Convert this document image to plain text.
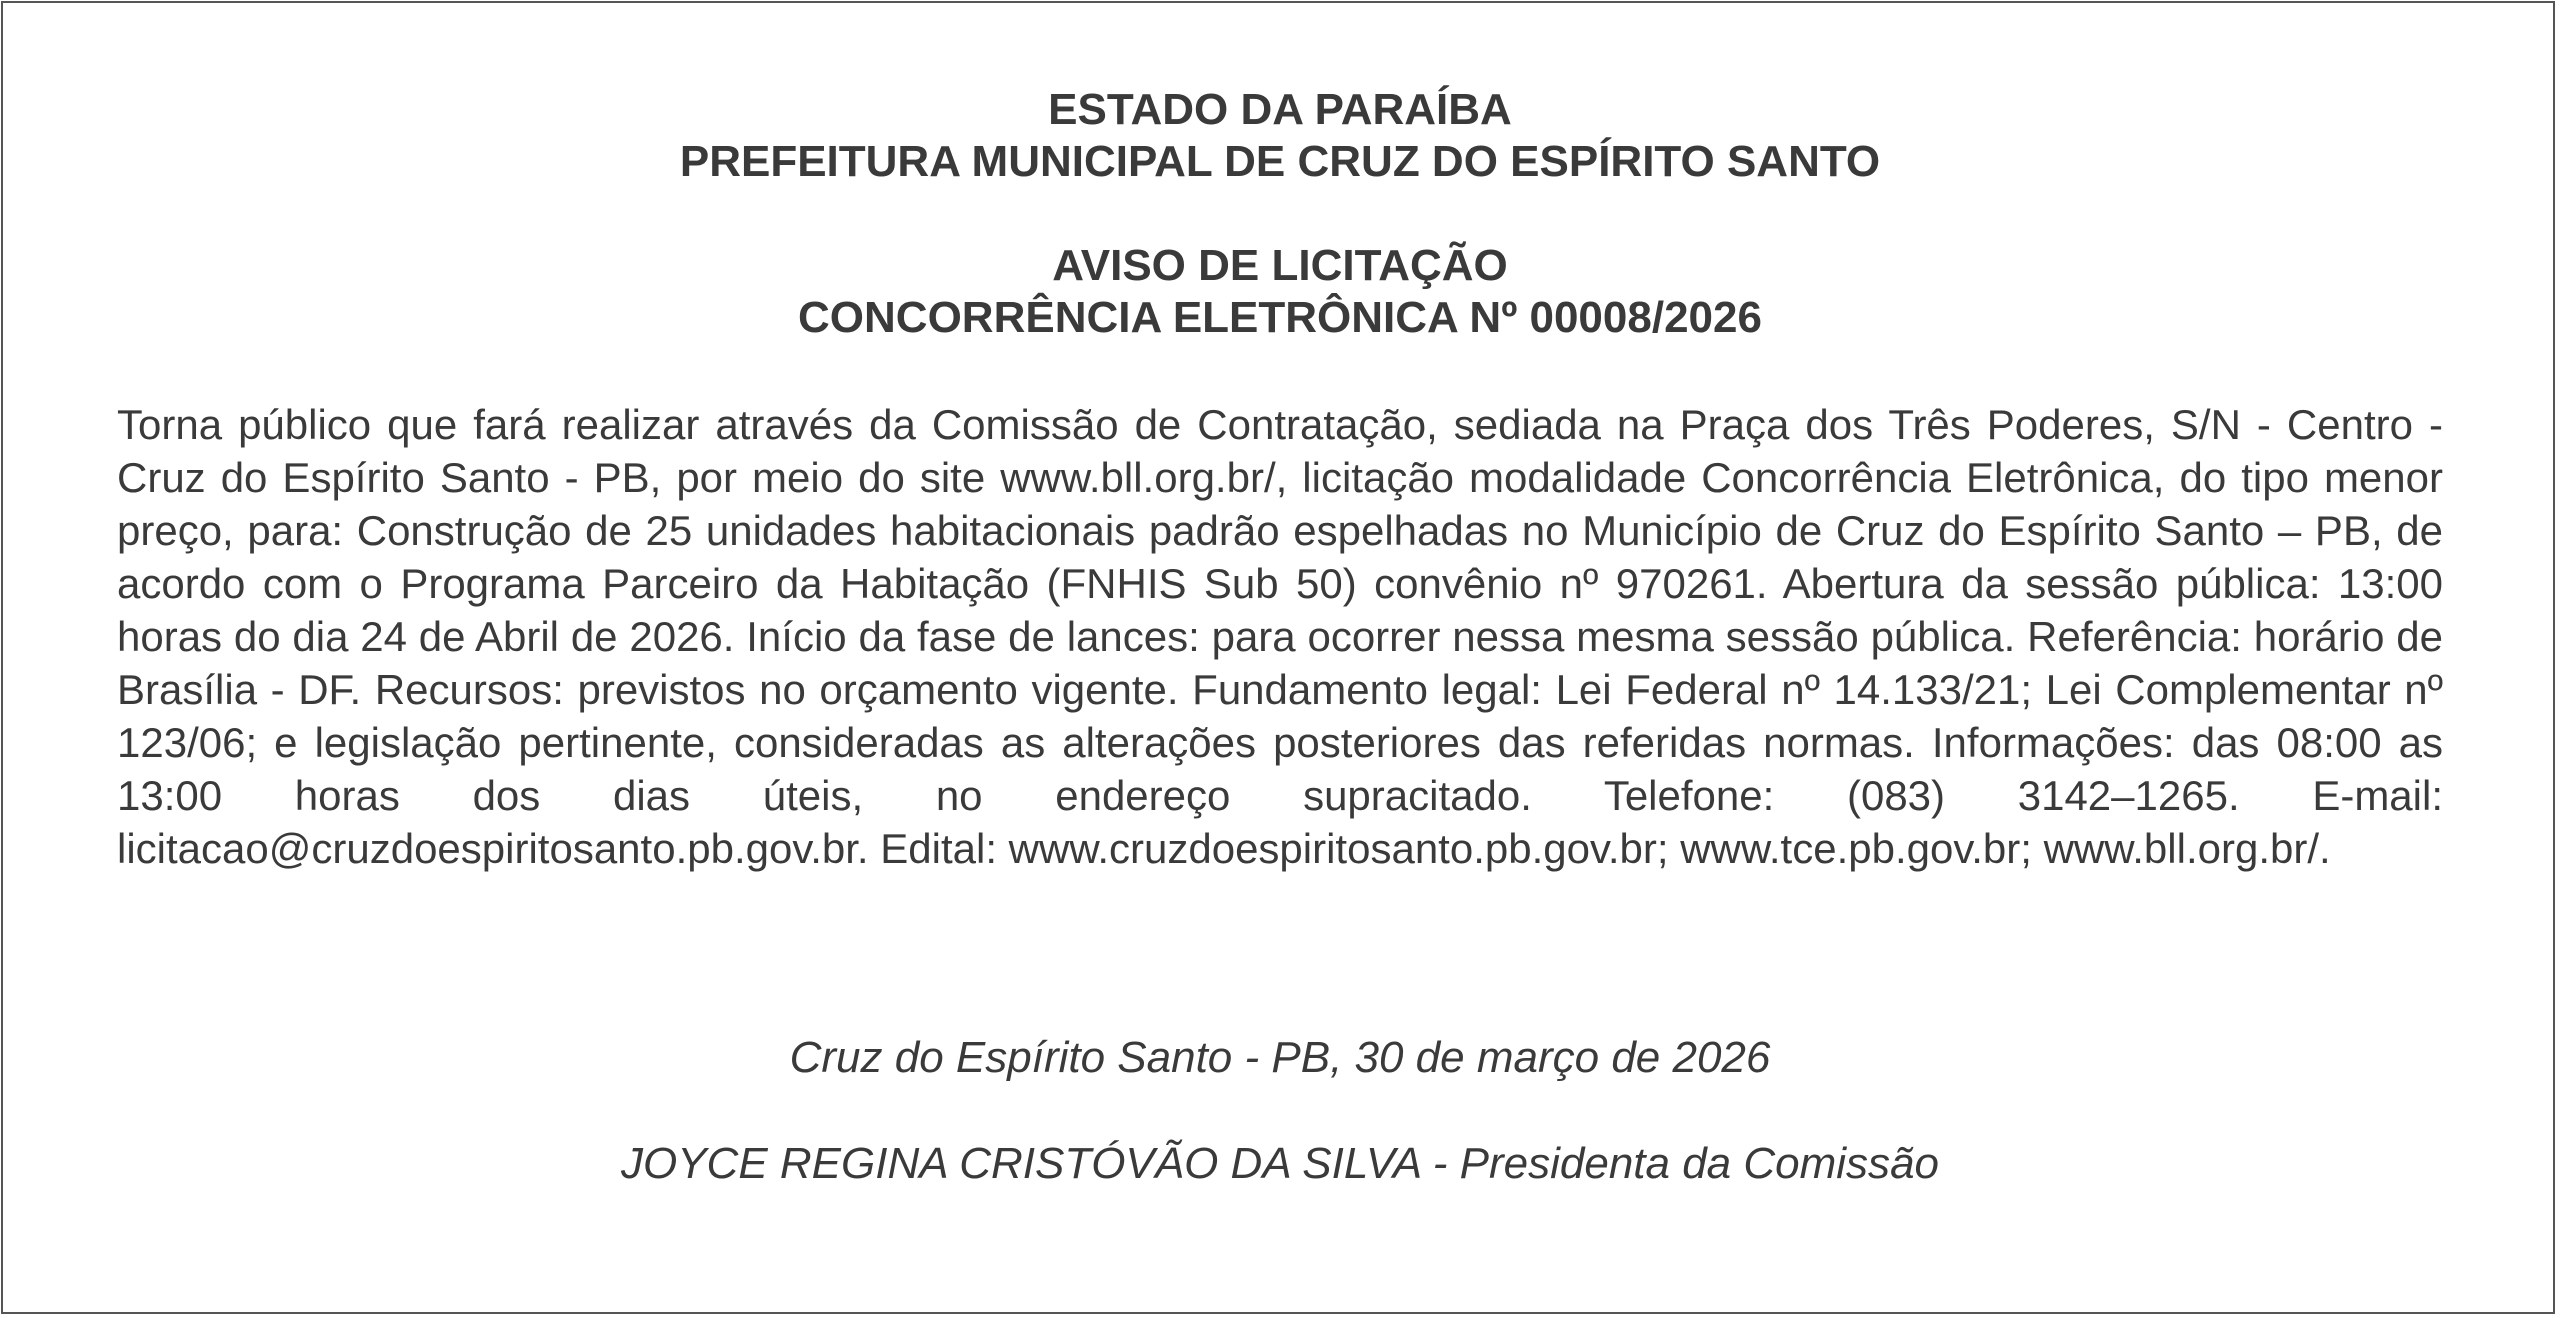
ESTADO DA PARAÍBA
PREFEITURA MUNICIPAL DE CRUZ DO ESPÍRITO SANTO
AVISO DE LICITAÇÃO
CONCORRÊNCIA ELETRÔNICA Nº 00008/2026
Torna público que fará realizar através da Comissão de Contratação, sediada na Praça dos Três Poderes, S/N - Centro - Cruz do Espírito Santo - PB, por meio do site www.bll.org.br/, licitação modalidade Concorrência Eletrônica, do tipo menor preço, para: Construção de 25 unidades habitacionais padrão espelhadas no Município de Cruz do Espírito Santo – PB, de acordo com o Programa Parceiro da Habitação (FNHIS Sub 50) convênio nº 970261. Abertura da sessão pública: 13:00 horas do dia 24 de Abril de 2026. Início da fase de lances: para ocorrer nessa mesma sessão pública. Referência: horário de Brasília - DF. Recursos: previstos no orçamento vigente. Fundamento legal: Lei Federal nº 14.133/21; Lei Complementar nº 123/06; e legislação pertinente, consideradas as alterações posteriores das referidas normas. Informações: das 08:00 as 13:00 horas dos dias úteis, no endereço supracitado. Telefone: (083) 3142–1265. E-mail: licitacao@cruzdoespiritosanto.pb.gov.br. Edital: www.cruzdoespiritosanto.pb.gov.br; www.tce.pb.gov.br; www.bll.org.br/.
Cruz do Espírito Santo - PB, 30 de março de 2026
JOYCE REGINA CRISTÓVÃO DA SILVA - Presidenta da Comissão
